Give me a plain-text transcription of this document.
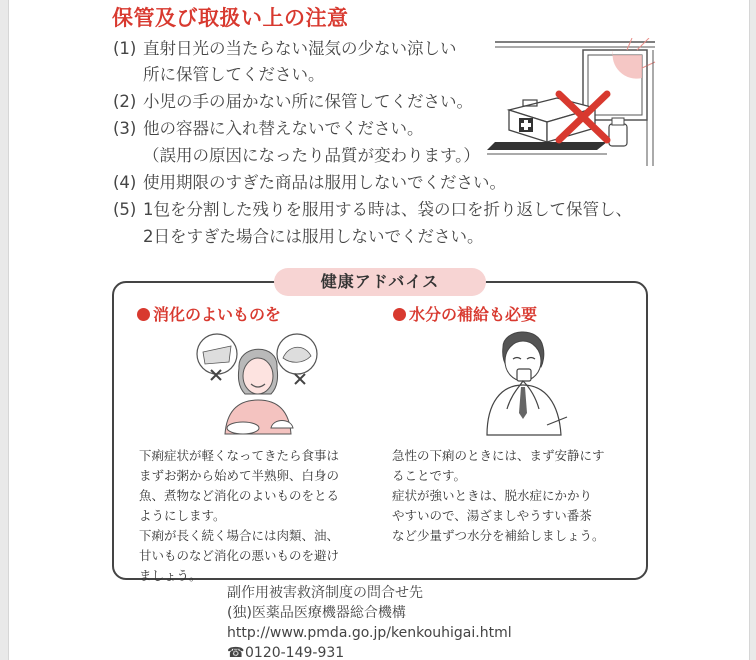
保管及び取扱い上の注意
(1) 直射日光の当たらない湿気の少ない涼しい
所に保管してください。
(2) 小児の手の届かない所に保管してください。
(3) 他の容器に入れ替えないでください。
（誤用の原因になったり品質が変わります。）
(4) 使用期限のすぎた商品は服用しないでください。
(5) 1包を分割した残りを服用する時は、袋の口を折り返して保管し、
2日をすぎた場合には服用しないでください。
健康アドバイス
消化のよいものを	水分の補給も必要
下痢症状が軽くなってきたら食事は
まずお粥から始めて半熟卵、白身の
魚、煮物など消化のよいものをとる
ようにします。
下痢が長く続く場合には肉類、油、
甘いものなど消化の悪いものを避け
ましょう。
急性の下痢のときには、まず安静にす
ることです。
症状が強いときは、脱水症にかかり
やすいので、湯ざましやうすい番茶
など少量ずつ水分を補給しましょう。
副作用被害救済制度の問合せ先
(独)医薬品医療機器総合機構
http://www.pmda.go.jp/kenkouhigai.html
☎0120-149-931
